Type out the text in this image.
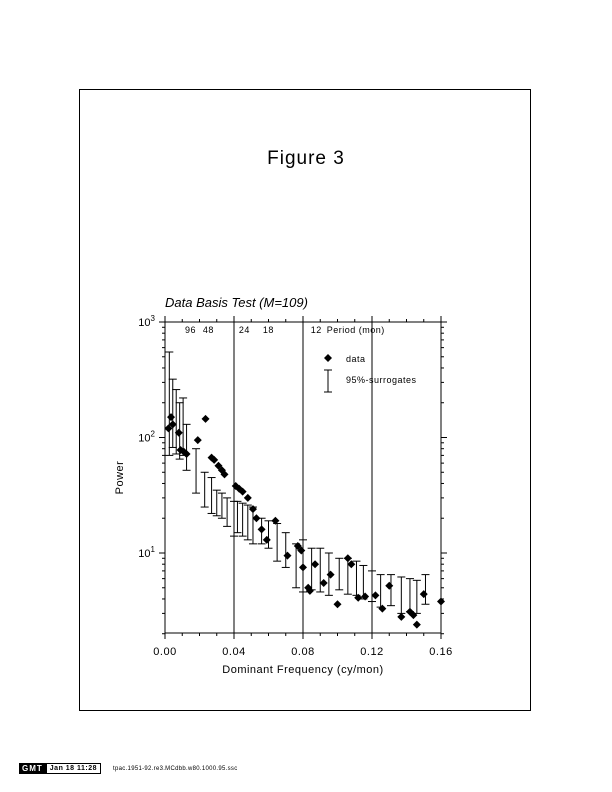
Figure 3
Data Basis Test (M=109)
0.00	0.04	0.08	0.12	0.16
Dominant Frequency (cy/mon)
$10^1$
$10^2$
$10^3$
Power
96 48	24 18	12 Period (mon)
data
95%-surrogates
GMT	Jan 18 11:28	tpac.1951-92.re3.MCdbb.w80.1000.95.ssc
